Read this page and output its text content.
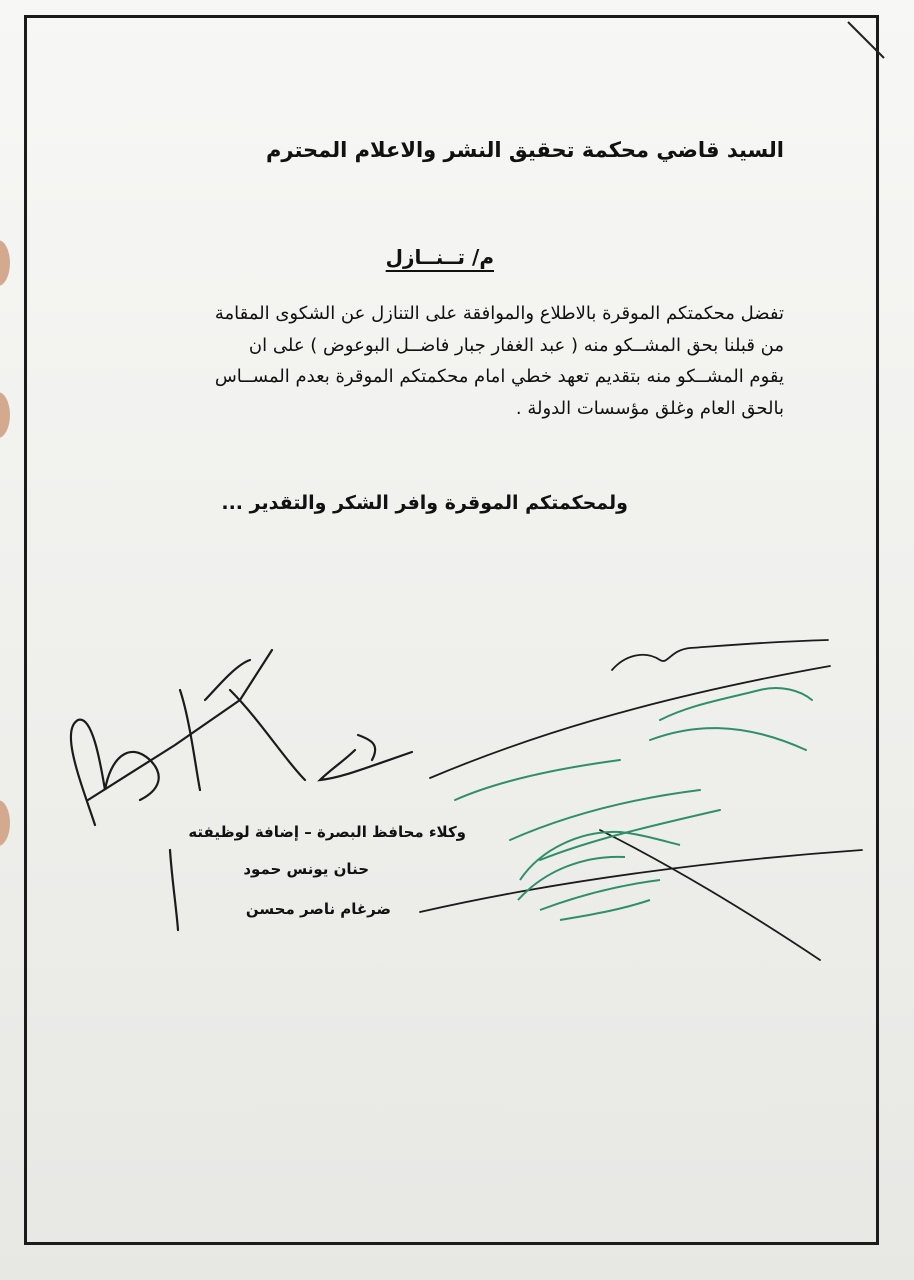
السيد قاضي محكمة تحقيق النشر والاعلام المحترم
م/ تــنــازل
تفضل محكمتكم الموقرة بالاطلاع والموافقة على التنازل عن الشكوى المقامة
من قبلنا بحق المشــكو منه ( عبد الغفار جبار فاضــل البوعوض ) على ان
يقوم المشــكو منه بتقديم تعهد خطي امام محكمتكم الموقرة بعدم المســاس
بالحق العام وغلق مؤسسات الدولة .
ولمحكمتكم الموقرة وافر الشكر والتقدير ...
وكلاء محافظ البصرة – إضافة لوظيفته
حنان يونس حمود
ضرغام ناصر محسن
